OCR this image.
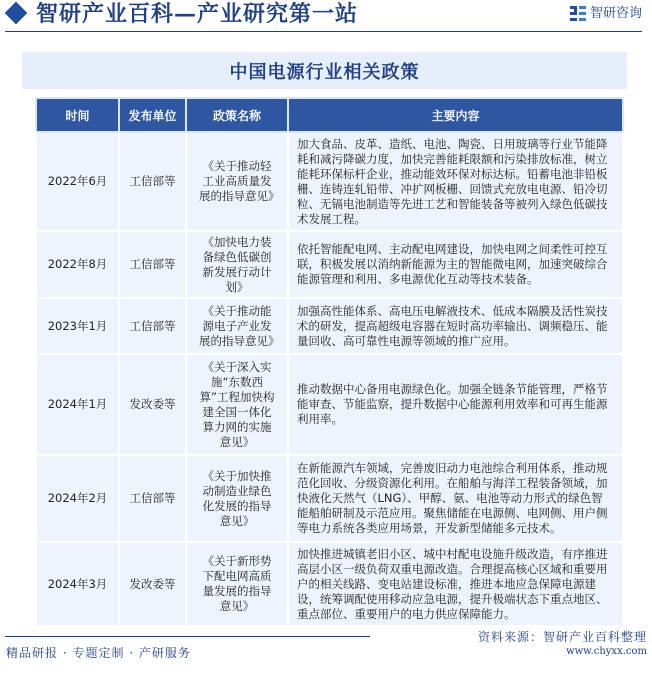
智研产业百科—产业研究第一站	智研咨询
中国电源行业相关政策
时间	发布单位	政策名称	主要内容
2022年6月	工信部等	《关于推动轻工业高质量发展的指导意见》	加大食品、皮革、造纸、电池、陶瓷、日用玻璃等行业节能降耗和减污降碳力度，加快完善能耗限额和污染排放标准，树立能耗环保标杆企业，推动能效环保对标达标。铅蓄电池非铅板栅、连铸连轧铅带、冲扩网板栅、回馈式充放电电源、铅冷切粒、无镉电池制造等先进工艺和智能装备等被列入绿色低碳技术发展工程。
2022年8月	工信部等	《加快电力装备绿色低碳创新发展行动计划》	依托智能配电网、主动配电网建设，加快电网之间柔性可控互联，积极发展以消纳新能源为主的智能微电网，加速突破综合能源管理和利用、多电源优化互动等技术装备。
2023年1月	工信部等	《关于推动能源电子产业发展的指导意见》	加强高性能体系、高电压电解液技术、低成本隔膜及活性炭技术的研发，提高超级电容器在短时高功率输出、调频稳压、能量回收、高可靠性电源等领域的推广应用。
2024年1月	发改委等	《关于深入实施“东数西算”工程加快构建全国一体化算力网的实施意见》	推动数据中心备用电源绿色化。加强全链条节能管理，严格节能审查、节能监察，提升数据中心能源利用效率和可再生能源利用率。
2024年2月	工信部等	《关于加快推动制造业绿色化发展的指导意见》	在新能源汽车领域，完善废旧动力电池综合利用体系，推动规范化回收、分级资源化利用。在船舶与海洋工程装备领域，加快液化天然气（LNG）、甲醇、氨、电池等动力形式的绿色智能船舶研制及示范应用。聚焦储能在电源侧、电网侧、用户侧等电力系统各类应用场景，开发新型储能多元技术。
2024年3月	发改委等	《关于新形势下配电网高质量发展的指导意见》	加快推进城镇老旧小区、城中村配电设施升级改造，有序推进高层小区一级负荷双重电源改造。合理提高核心区域和重要用户的相关线路、变电站建设标准，推进本地应急保障电源建设，统筹调配使用移动应急电源，提升极端状态下重点地区、重点部位、重要用户的电力供应保障能力。
精品研报 · 专题定制 · 产研服务
资料来源：智研产业百科整理
www.chyxx.com
